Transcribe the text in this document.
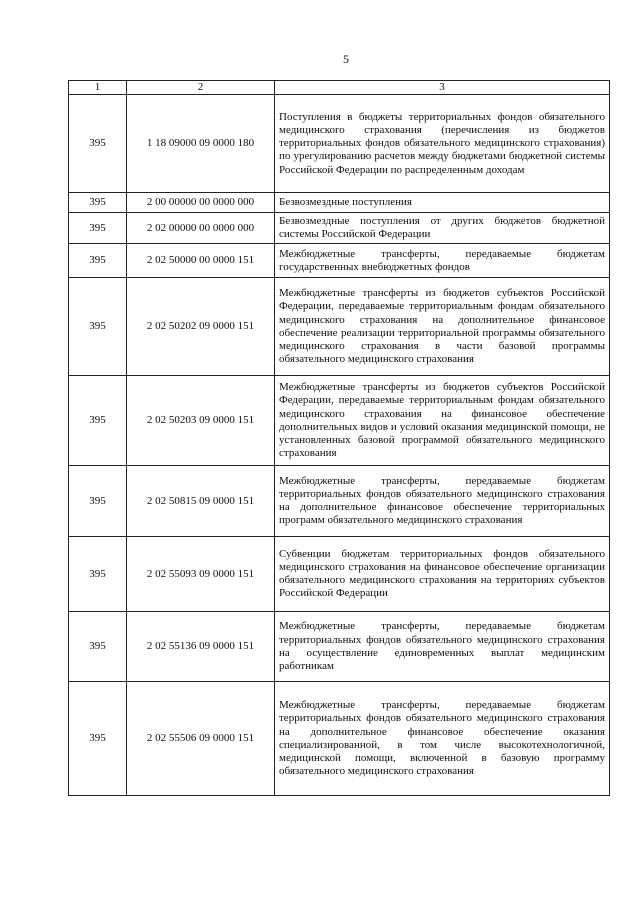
5
1	2	3
395	1 18 09000 09 0000 180	Поступления в бюджеты территориальных фондов обязательного медицинского страхования (перечисления из бюджетов территориальных фондов обязательного медицинского страхования) по урегулированию расчетов между бюджетами бюджетной системы Российской Федерации по распределенным доходам
395	2 00 00000 00 0000 000	Безвозмездные поступления
395	2 02 00000 00 0000 000	Безвозмездные поступления от других бюджетов бюджетной системы Российской Федерации
395	2 02 50000 00 0000 151	Межбюджетные трансферты, передаваемые бюджетам государственных внебюджетных фондов
395	2 02 50202 09 0000 151	Межбюджетные трансферты из бюджетов субъектов Российской Федерации, передаваемые территориальным фондам обязательного медицинского страхования на дополнительное финансовое обеспечение реализации территориальной программы обязательного медицинского страхования в части базовой программы обязательного медицинского страхования
395	2 02 50203 09 0000 151	Межбюджетные трансферты из бюджетов субъектов Российской Федерации, передаваемые территориальным фондам обязательного медицинского страхования на финансовое обеспечение дополнительных видов и условий оказания медицинской помощи, не установленных базовой программой обязательного медицинского страхования
395	2 02 50815 09 0000 151	Межбюджетные трансферты, передаваемые бюджетам территориальных фондов обязательного медицинского страхования на дополнительное финансовое обеспечение территориальных программ обязательного медицинского страхования
395	2 02 55093 09 0000 151	Субвенции бюджетам территориальных фондов обязательного медицинского страхования на финансовое обеспечение организации обязательного медицинского страхования на территориях субъектов Российской Федерации
395	2 02 55136 09 0000 151	Межбюджетные трансферты, передаваемые бюджетам территориальных фондов обязательного медицинского страхования на осуществление единовременных выплат медицинским работникам
395	2 02 55506 09 0000 151	Межбюджетные трансферты, передаваемые бюджетам территориальных фондов обязательного медицинского страхования на дополнительное финансовое обеспечение оказания специализированной, в том числе высокотехнологичной, медицинской помощи, включенной в базовую программу обязательного медицинского страхования
